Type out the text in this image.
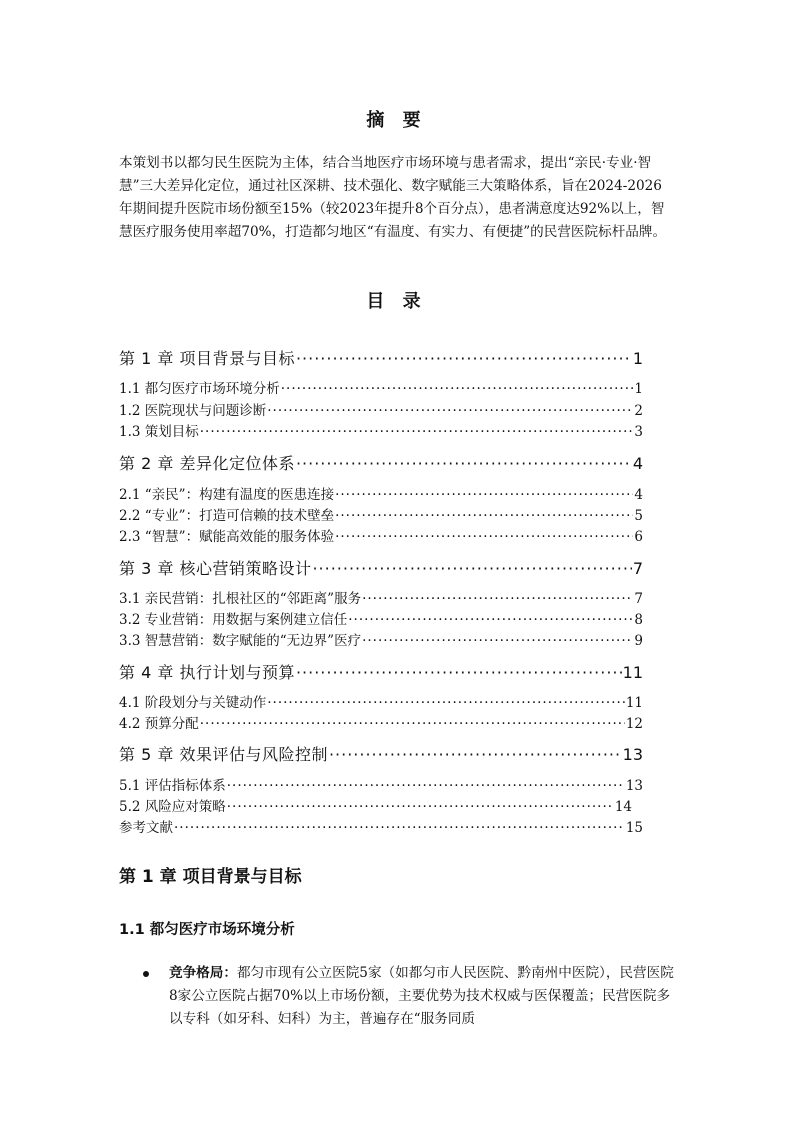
摘 要
本策划书以都匀民生医院为主体，结合当地医疗市场环境与患者需求，提出“亲民·专业·智慧”三大差异化定位，通过社区深耕、技术强化、数字赋能三大策略体系，旨在2024-2026年期间提升医院市场份额至15%（较2023年提升8个百分点），患者满意度达92%以上，智慧医疗服务使用率超70%，打造都匀地区“有温度、有实力、有便捷”的民营医院标杆品牌。
目 录
第 1 章 项目背景与目标 ·····	1
1.1 都匀医疗市场环境分析 ·····	1
1.2 医院现状与问题诊断 ·····	2
1.3 策划目标 ·····	3
第 2 章 差异化定位体系 ·····	4
2.1 “亲民”：构建有温度的医患连接 ·····	4
2.2 “专业”：打造可信赖的技术壁垒 ·····	5
2.3 “智慧”：赋能高效能的服务体验 ·····	6
第 3 章 核心营销策略设计 ·····	7
3.1 亲民营销：扎根社区的“邻距离”服务 ·····	7
3.2 专业营销：用数据与案例建立信任 ·····	8
3.3 智慧营销：数字赋能的“无边界”医疗 ·····	9
第 4 章 执行计划与预算 ·····	11
4.1 阶段划分与关键动作 ·····	11
4.2 预算分配 ·····	12
第 5 章 效果评估与风险控制 ·····	13
5.1 评估指标体系 ·····	13
5.2 风险应对策略 ·····	14
参考文献 ·····	15
第 1 章 项目背景与目标
1.1 都匀医疗市场环境分析
竞争格局：都匀市现有公立医院5家（如都匀市人民医院、黔南州中医院），民营医院8家公立医院占据70%以上市场份额，主要优势为技术权威与医保覆盖；民营医院多以专科（如牙科、妇科）为主，普遍存在“服务同质
